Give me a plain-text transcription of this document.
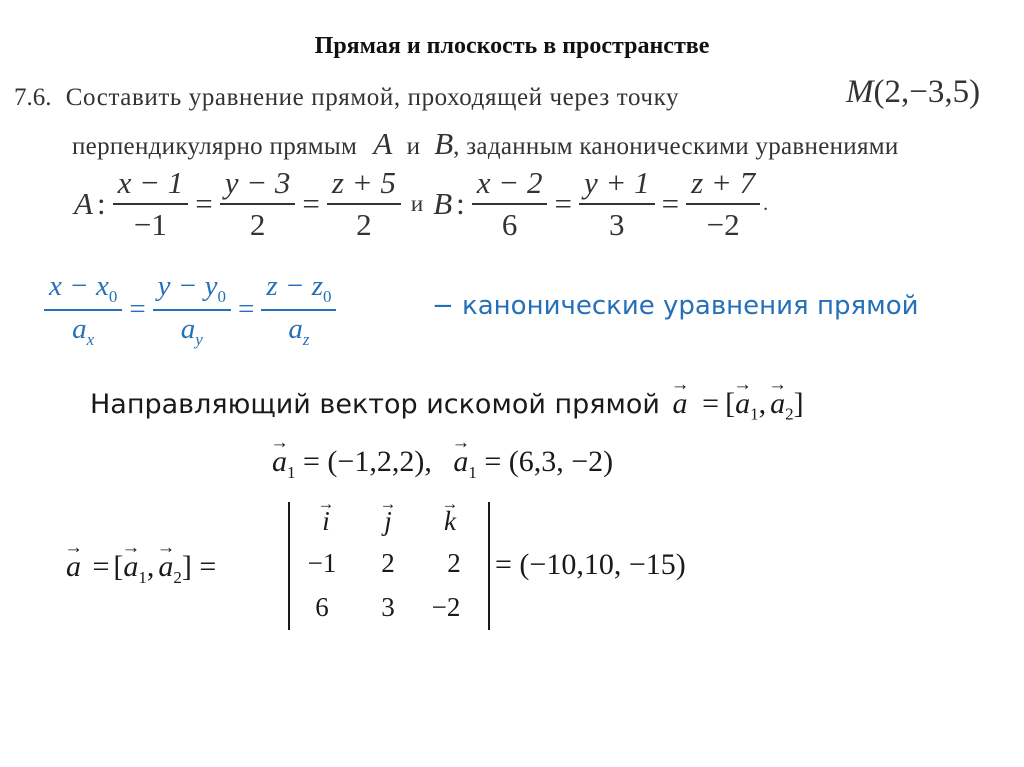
Прямая и плоскость в пространстве
7.6. Составить уравнение прямой, проходящей через точку	M(2,−3,5)
перпендикулярно прямым A и B, заданным каноническими уравнениями
A : $\frac{x - 1}{-1} = \frac{y - 3}{2} = \frac{z + 5}{2}$ и B : $\frac{x - 2}{6} = \frac{y + 1}{3} = \frac{z + 7}{-2}$ .
$\frac{x - x_0}{a_x} = \frac{y - y_0}{a_y} = \frac{z - z_0}{a_z}$	− канонические уравнения прямой
Направляющий вектор искомой прямой → a = [→ $a_1,\to a_2$]
→ $a_1 = (-1,2,2)$, → $a_1 = (6,3$, −2)
→ a = [→ $a_1,\to a_2$] =
→ i
→	j
→	k
−1	2	2
6	3	−2
= (−10,10, −15)
